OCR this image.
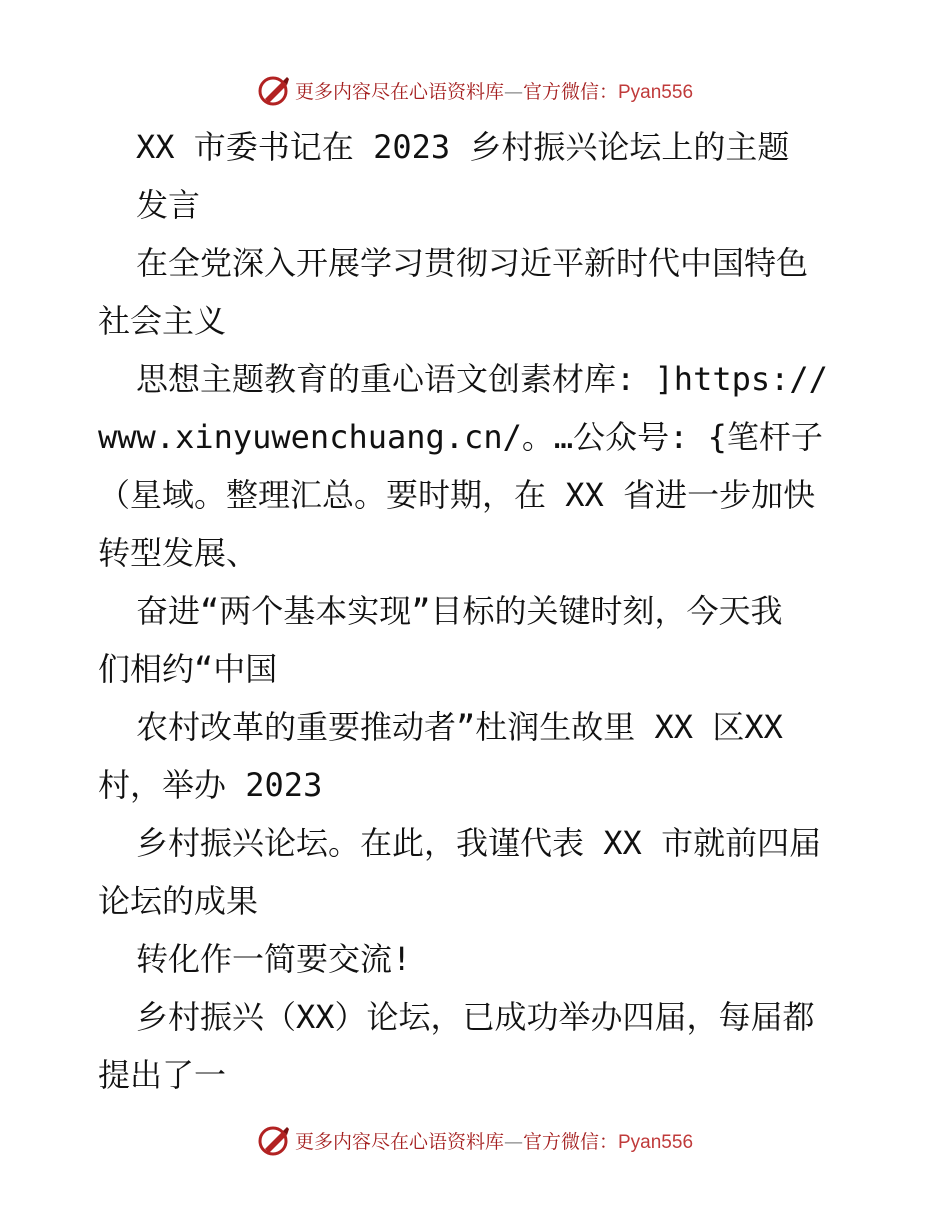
更多内容尽在心语资料库—官方微信：Pyan556
XX 市委书记在 2023 乡村振兴论坛上的主题
发言
在全党深入开展学习贯彻习近平新时代中国特色
社会主义
思想主题教育的重心语文创素材库: ]https://
www.xinyuwenchuang.cn/。…公众号: {笔杆子
（星域。整理汇总。要时期，在 XX 省进一步加快
转型发展、
奋进“两个基本实现”目标的关键时刻，今天我
们相约“中国
农村改革的重要推动者”杜润生故里 XX 区XX
村，举办 2023
乡村振兴论坛。在此，我谨代表 XX 市就前四届
论坛的成果
转化作一简要交流!
乡村振兴（XX）论坛，已成功举办四届，每届都
提出了一
更多内容尽在心语资料库—官方微信：Pyan556
